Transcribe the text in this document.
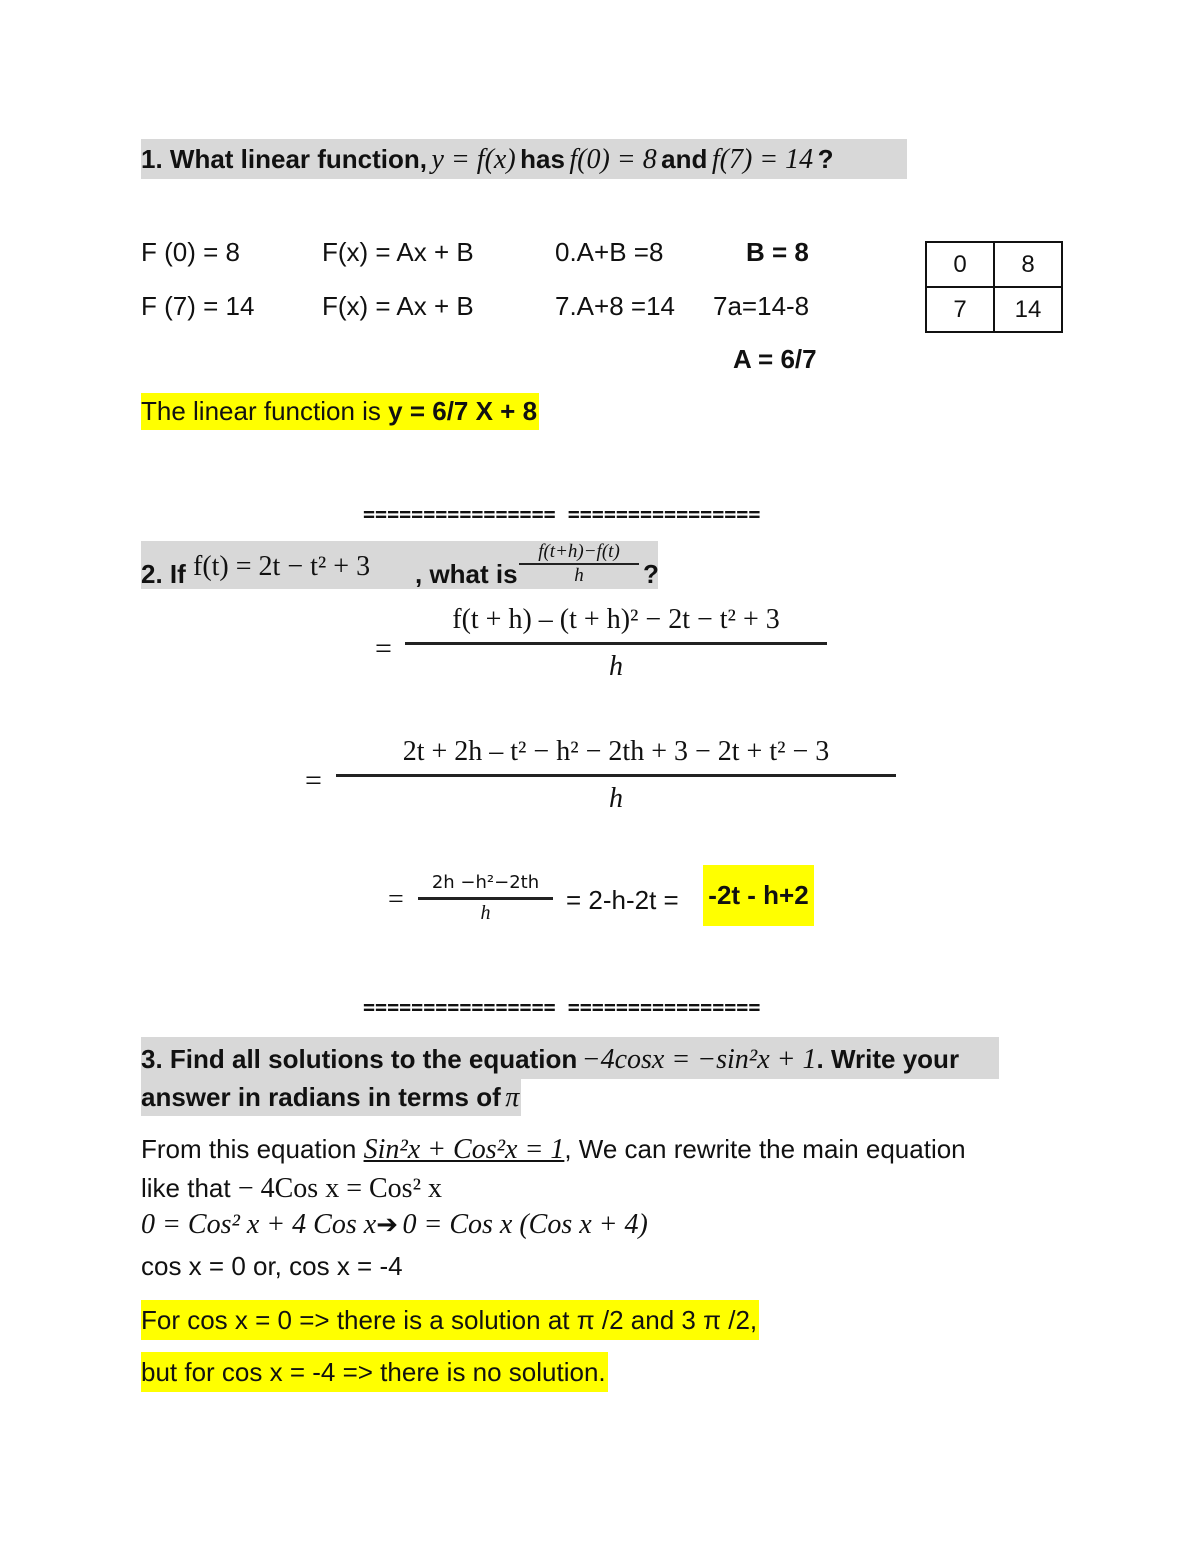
1. What linear function, y = f(x) has f(0) = 8 and f(7) = 14 ?
F (0) = 8	F(x) = Ax + B	0.A+B =8	B = 8
F (7) = 14	F(x) = Ax + B	7.A+8 =14 7a=14-8
A = 6/7
0	8
7	14
The linear function is y = 6/7 X + 8
================ ================
2. If f(t) = 2t − t² + 3 , what is $\frac{f(t+h)-f(t)}{h}$ ?
= $\frac{\text{f(t + h) – (t + h)² − 2t − t² + 3}}{h}$
= $\frac{\text{2t + 2h – t² − h² − 2th + 3 − 2t + t² − 3}}{h}$
= $\frac{\text{2h −h²−2th}}{h} = 2-h-2t = -2t - h+2$
================ ================
3. Find all solutions to the equation −4cosx = −sin²x + 1. Write your
answer in radians in terms of π
From this equation Sin²x + Cos²x = 1, We can rewrite the main equation
like that − 4Cos x = Cos² x
0 = Cos² x + 4 Cos x➔ 0 = Cos x (Cos x + 4)
cos x = 0 or, cos x = -4
For cos x = 0 => there is a solution at π /2 and 3 π /2,
but for cos x = -4 => there is no solution.
